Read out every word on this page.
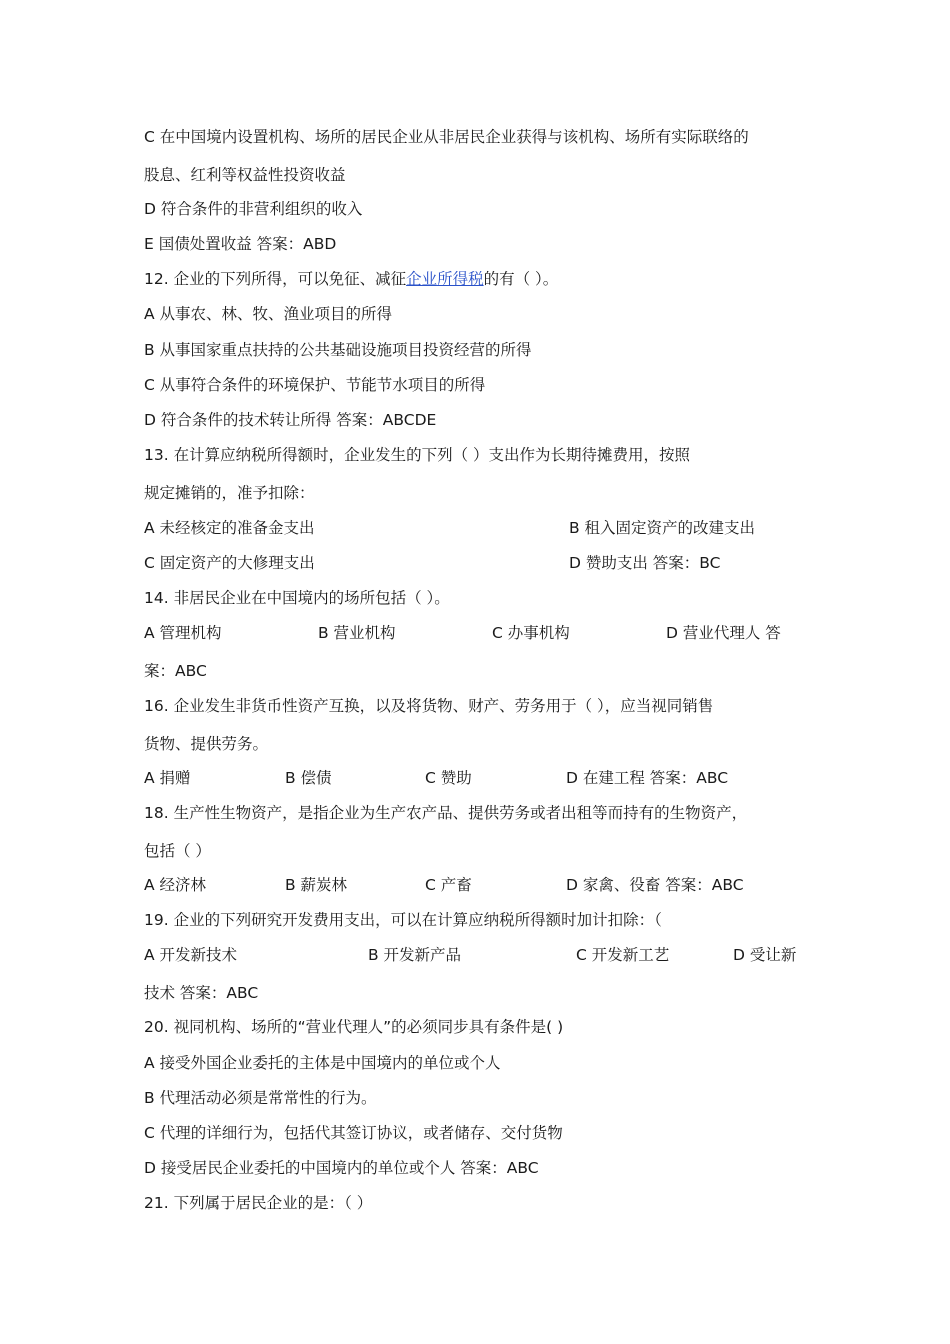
C 在中国境内设置机构、场所的居民企业从非居民企业获得与该机构、场所有实际联络的
股息、红利等权益性投资收益
D 符合条件的非营利组织的收入
E 国债处置收益 答案：ABD
12. 企业的下列所得，可以免征、减征企业所得税的有（ ）。
A 从事农、林、牧、渔业项目的所得
B 从事国家重点扶持的公共基础设施项目投资经营的所得
C 从事符合条件的环境保护、节能节水项目的所得
D 符合条件的技术转让所得 答案：ABCDE
13. 在计算应纳税所得额时，企业发生的下列（ ）支出作为长期待摊费用，按照
规定摊销的，准予扣除：
A 未经核定的准备金支出	B 租入固定资产的改建支出
C 固定资产的大修理支出	D 赞助支出 答案：BC
14. 非居民企业在中国境内的场所包括（ ）。
A 管理机构	B 营业机构	C 办事机构	D 营业代理人 答
案：ABC
16. 企业发生非货币性资产互换，以及将货物、财产、劳务用于（ ），应当视同销售
货物、提供劳务。
A 捐赠	B 偿债	C 赞助	D 在建工程 答案：ABC
18. 生产性生物资产，是指企业为生产农产品、提供劳务或者出租等而持有的生物资产，
包括（ ）
A 经济林	B 薪炭林	C 产畜	D 家禽、役畜 答案：ABC
19. 企业的下列研究开发费用支出，可以在计算应纳税所得额时加计扣除：（
A 开发新技术	B 开发新产品	C 开发新工艺	D 受让新
技术 答案：ABC
20. 视同机构、场所的“营业代理人”的必须同步具有条件是( )
A 接受外国企业委托的主体是中国境内的单位或个人
B 代理活动必须是常常性的行为。
C 代理的详细行为，包括代其签订协议，或者储存、交付货物
D 接受居民企业委托的中国境内的单位或个人 答案：ABC
21. 下列属于居民企业的是：（ ）
